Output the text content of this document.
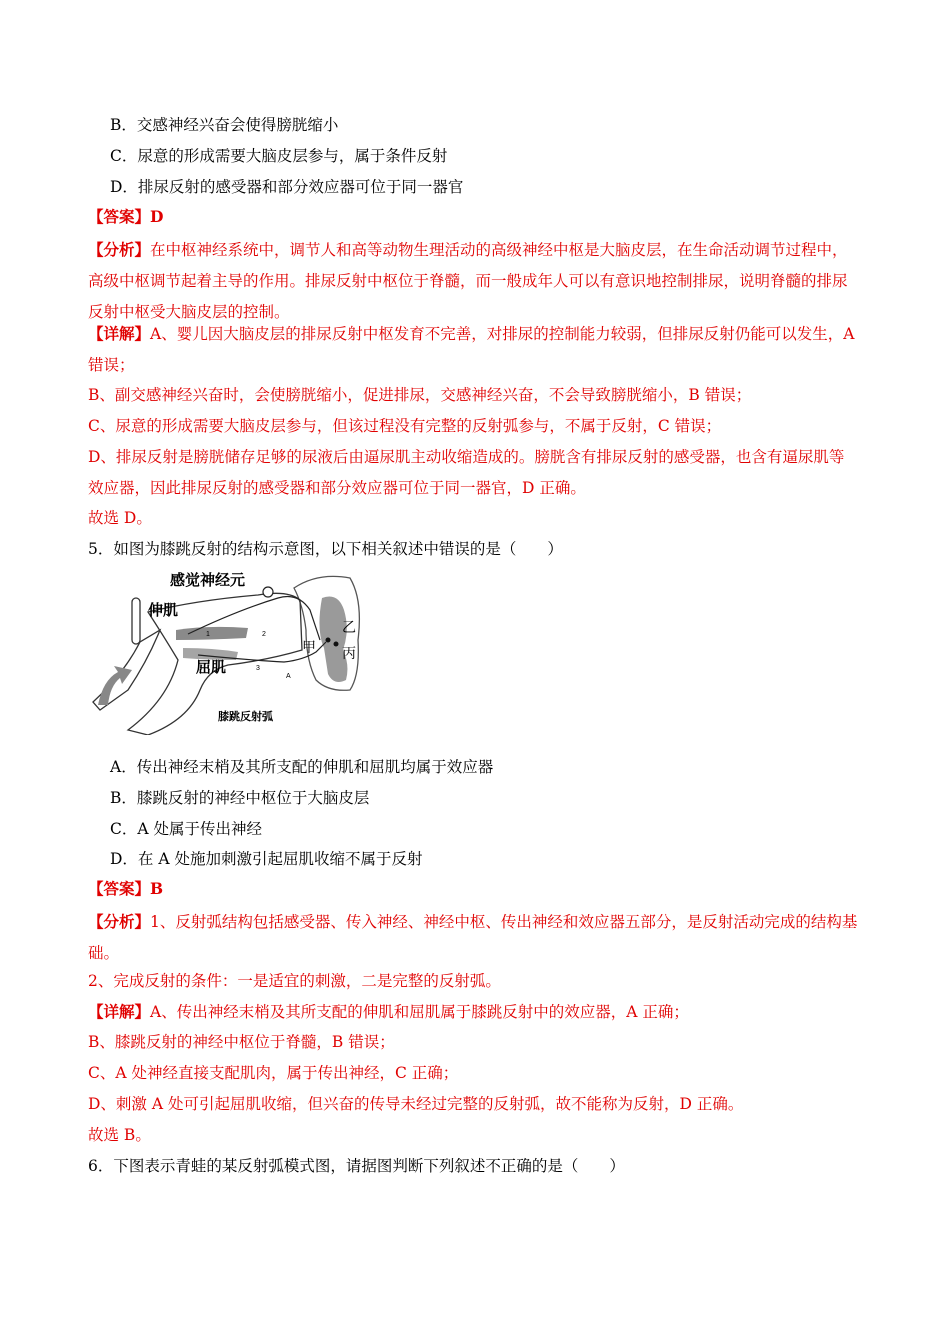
B．交感神经兴奋会使得膀胱缩小
C．尿意的形成需要大脑皮层参与，属于条件反射
D．排尿反射的感受器和部分效应器可位于同一器官
【答案】D
【分析】在中枢神经系统中，调节人和高等动物生理活动的高级神经中枢是大脑皮层，在生命活动调节过程中，高级中枢调节起着主导的作用。排尿反射中枢位于脊髓，而一般成年人可以有意识地控制排尿，说明脊髓的排尿反射中枢受大脑皮层的控制。
【详解】A、婴儿因大脑皮层的排尿反射中枢发育不完善，对排尿的控制能力较弱，但排尿反射仍能可以发生，A 错误；
B、副交感神经兴奋时，会使膀胱缩小，促进排尿，交感神经兴奋，不会导致膀胱缩小，B 错误；
C、尿意的形成需要大脑皮层参与，但该过程没有完整的反射弧参与，不属于反射，C 错误；
D、排尿反射是膀胱储存足够的尿液后由逼尿肌主动收缩造成的。膀胱含有排尿反射的感受器，也含有逼尿肌等效应器，因此排尿反射的感受器和部分效应器可位于同一器官，D 正确。
故选 D。
5．如图为膝跳反射的结构示意图，以下相关叙述中错误的是（　　）
感觉神经元
伸肌
屈肌
甲
乙
丙
1	2
3
A
膝跳反射弧
A．传出神经末梢及其所支配的伸肌和屈肌均属于效应器
B．膝跳反射的神经中枢位于大脑皮层
C．A 处属于传出神经
D．在 A 处施加刺激引起屈肌收缩不属于反射
【答案】B
【分析】1、反射弧结构包括感受器、传入神经、神经中枢、传出神经和效应器五部分，是反射活动完成的结构基础。
2、完成反射的条件：一是适宜的刺激，二是完整的反射弧。
【详解】A、传出神经末梢及其所支配的伸肌和屈肌属于膝跳反射中的效应器，A 正确；
B、膝跳反射的神经中枢位于脊髓，B 错误；
C、A 处神经直接支配肌肉，属于传出神经，C 正确；
D、刺激 A 处可引起屈肌收缩，但兴奋的传导未经过完整的反射弧，故不能称为反射，D 正确。
故选 B。
6．下图表示青蛙的某反射弧模式图，请据图判断下列叙述不正确的是（　　）
